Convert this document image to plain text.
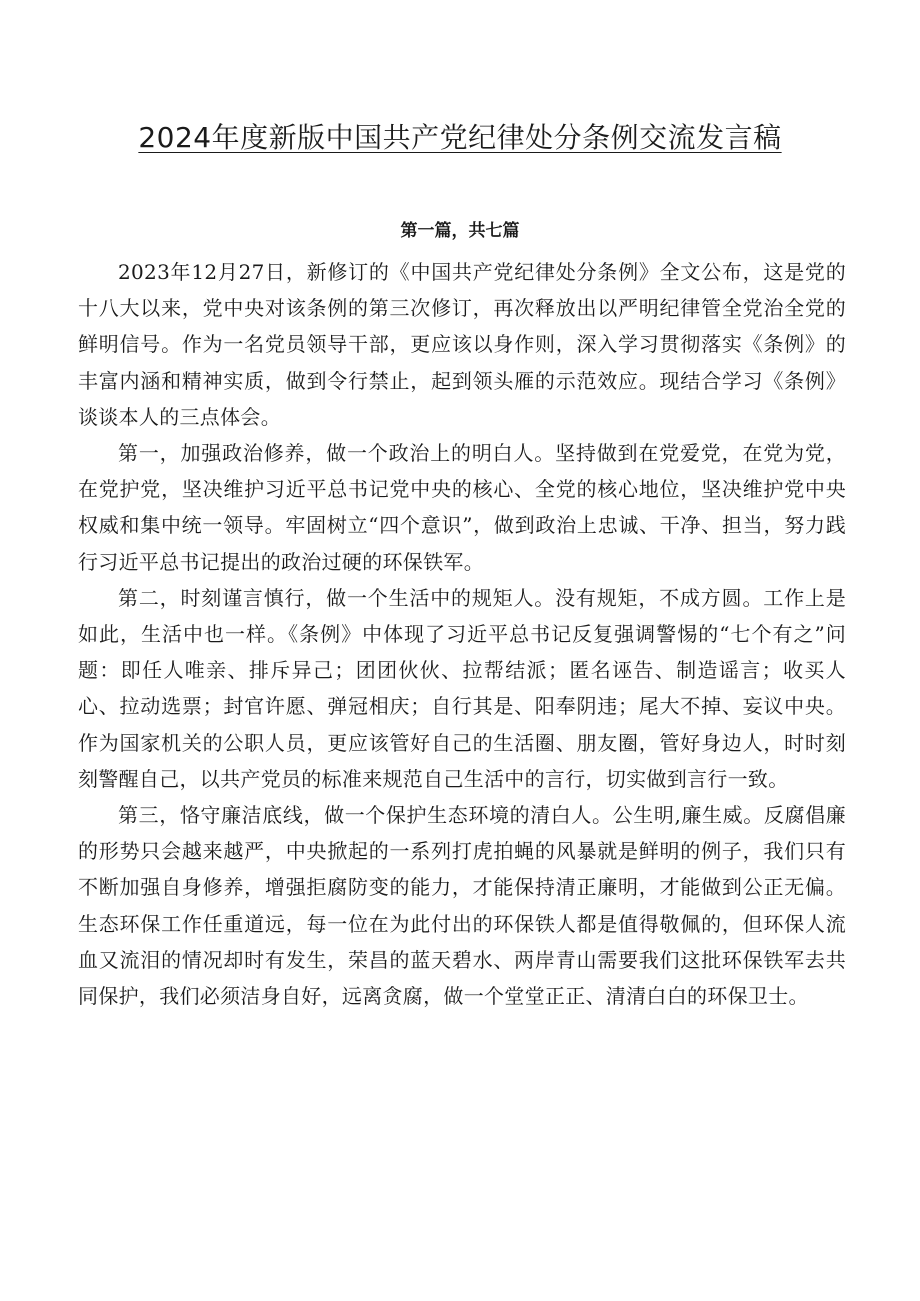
2024年度新版中国共产党纪律处分条例交流发言稿
第一篇，共七篇

2023年12月27日，新修订的《中国共产党纪律处分条例》全文公布，这是党的十八大以来，党中央对该条例的第三次修订，再次释放出以严明纪律管全党治全党的鲜明信号。作为一名党员领导干部，更应该以身作则，深入学习贯彻落实《条例》的丰富内涵和精神实质，做到令行禁止，起到领头雁的示范效应。现结合学习《条例》谈谈本人的三点体会。

第一，加强政治修养，做一个政治上的明白人。坚持做到在党爱党，在党为党，在党护党，坚决维护习近平总书记党中央的核心、全党的核心地位，坚决维护党中央权威和集中统一领导。牢固树立“四个意识”，做到政治上忠诚、干净、担当，努力践行习近平总书记提出的政治过硬的环保铁军。

第二，时刻谨言慎行，做一个生活中的规矩人。没有规矩，不成方圆。工作上是如此，生活中也一样。《条例》中体现了习近平总书记反复强调警惕的“七个有之”问题：即任人唯亲、排斥异己；团团伙伙、拉帮结派；匿名诬告、制造谣言；收买人心、拉动选票；封官许愿、弹冠相庆；自行其是、阳奉阴违；尾大不掉、妄议中央。作为国家机关的公职人员，更应该管好自己的生活圈、朋友圈，管好身边人，时时刻刻警醒自己，以共产党员的标准来规范自己生活中的言行，切实做到言行一致。

第三，恪守廉洁底线，做一个保护生态环境的清白人。公生明,廉生威。反腐倡廉的形势只会越来越严，中央掀起的一系列打虎拍蝇的风暴就是鲜明的例子，我们只有不断加强自身修养，增强拒腐防变的能力，才能保持清正廉明，才能做到公正无偏。生态环保工作任重道远，每一位在为此付出的环保铁人都是值得敬佩的，但环保人流血又流泪的情况却时有发生，荣昌的蓝天碧水、两岸青山需要我们这批环保铁军去共同保护，我们必须洁身自好，远离贪腐，做一个堂堂正正、清清白白的环保卫士。
